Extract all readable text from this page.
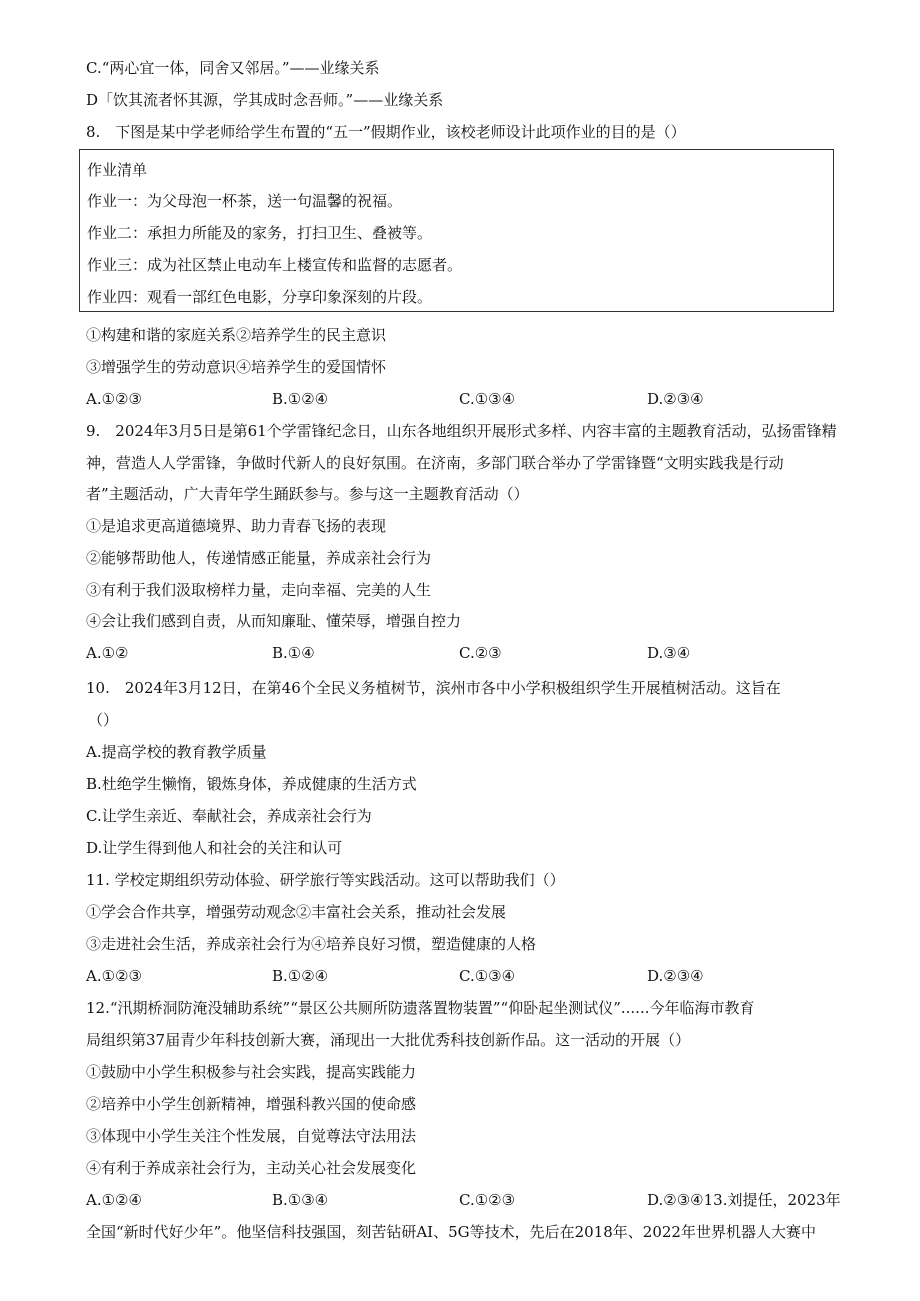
C.“两心宜一体，同舍又邻居。”——业缘关系
D「饮其流者怀其源，学其成时念吾师。”——业缘关系
8.　下图是某中学老师给学生布置的“五一”假期作业，该校老师设计此项作业的目的是（）
作业清单
作业一：为父母泡一杯茶，送一句温馨的祝福。
作业二：承担力所能及的家务，打扫卫生、叠被等。
作业三：成为社区禁止电动车上楼宣传和监督的志愿者。
作业四：观看一部红色电影，分享印象深刻的片段。
①构建和谐的家庭关系②培养学生的民主意识
③增强学生的劳动意识④培养学生的爱国情怀
A.①②③	B.①②④	C.①③④	D.②③④
9.　2024年3月5日是第61个学雷锋纪念日，山东各地组织开展形式多样、内容丰富的主题教育活动，弘扬雷锋精
神，营造人人学雷锋，争做时代新人的良好氛围。在济南，多部门联合举办了学雷锋暨“文明实践我是行动
者”主题活动，广大青年学生踊跃参与。参与这一主题教育活动（）
①是追求更高道德境界、助力青春飞扬的表现
②能够帮助他人，传递情感正能量，养成亲社会行为
③有利于我们汲取榜样力量，走向幸福、完美的人生
④会让我们感到自责，从而知廉耻、懂荣辱，增强自控力
A.①②	B.①④	C.②③	D.③④
10.　2024年3月12日，在第46个全民义务植树节，滨州市各中小学积极组织学生开展植树活动。这旨在
（）
A.提高学校的教育教学质量
B.杜绝学生懒惰，锻炼身体，养成健康的生活方式
C.让学生亲近、奉献社会，养成亲社会行为
D.让学生得到他人和社会的关注和认可
11. 学校定期组织劳动体验、研学旅行等实践活动。这可以帮助我们（）
①学会合作共享，增强劳动观念②丰富社会关系，推动社会发展
③走进社会生活，养成亲社会行为④培养良好习惯，塑造健康的人格
A.①②③	B.①②④	C.①③④	D.②③④
12.“汛期桥洞防淹没辅助系统”“景区公共厕所防遗落置物装置”“仰卧起坐测试仪”......今年临海市教育
局组织第37届青少年科技创新大赛，涌现出一大批优秀科技创新作品。这一活动的开展（）
①鼓励中小学生积极参与社会实践，提高实践能力
②培养中小学生创新精神，增强科教兴国的使命感
③体现中小学生关注个性发展，自觉尊法守法用法
④有利于养成亲社会行为，主动关心社会发展变化
A.①②④	B.①③④	C.①②③	D.②③④13.刘提任，2023年
全国“新时代好少年”。他坚信科技强国，刻苦钻研AI、5G等技术，先后在2018年、2022年世界机器人大赛中
